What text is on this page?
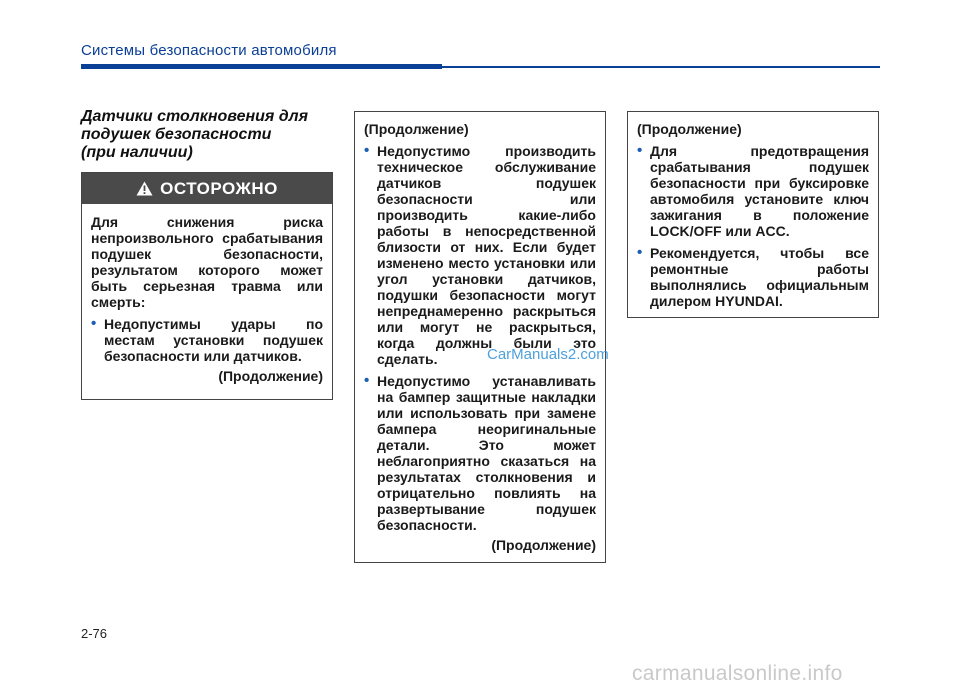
Системы безопасности автомобиля
Датчики столкновения для
подушек безопасности
(при наличии)
ОСТОРОЖНО
Для снижения риска непроизвольного срабатывания подушек безопасности, результатом которого может быть серьезная травма или смерть:
• Недопустимы удары по местам установки подушек безопасности или датчиков.
(Продолжение)
(Продолжение)
• Недопустимо производить техническое обслуживание датчиков подушек безопасности или производить какие-либо работы в непосредственной близости от них. Если будет изменено место установки или угол установки датчиков, подушки безопасности могут непреднамеренно раскрыться или могут не раскрыться, когда должны были это сделать.
• Недопустимо устанавливать на бампер защитные накладки или использовать при замене бампера неоригинальные детали. Это может неблагоприятно сказаться на результатах столкновения и отрицательно повлиять на развертывание подушек безопасности.
(Продолжение)
(Продолжение)
• Для предотвращения срабатывания подушек безопасности при буксировке автомобиля установите ключ зажигания в положение LOCK/OFF или ACC.
• Рекомендуется, чтобы все ремонтные работы выполнялись официальным дилером HYUNDAI.
CarManuals2.com
2-76
carmanualsonline.info
